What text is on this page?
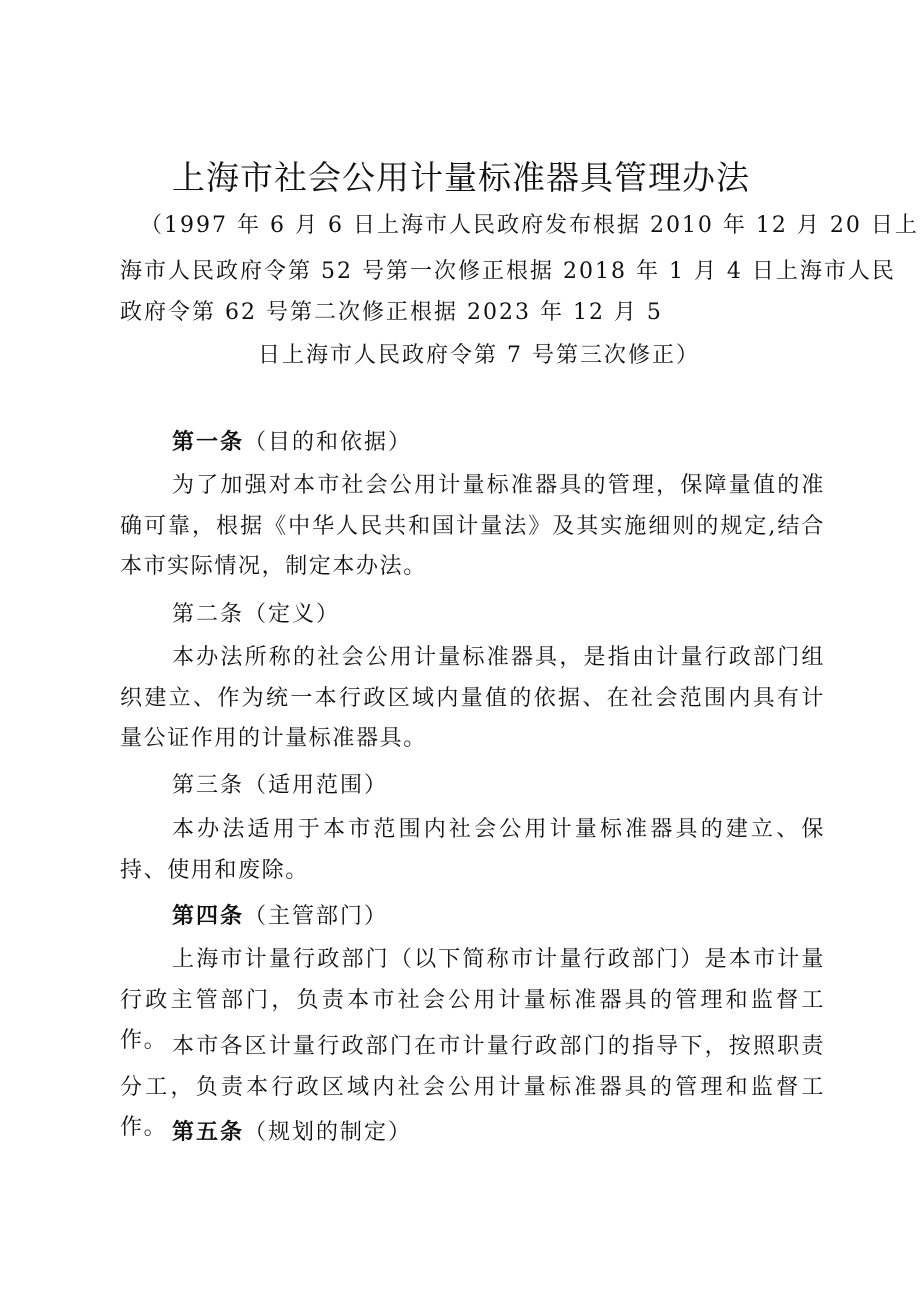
上海市社会公用计量标准器具管理办法
（1997 年 6 月 6 日上海市人民政府发布根据 2010 年 12 月 20 日上
海市人民政府令第 52 号第一次修正根据 2018 年 1 月 4 日上海市人民
政府令第 62 号第二次修正根据 2023 年 12 月 5
日上海市人民政府令第 7 号第三次修正）
第一条（目的和依据）

为了加强对本市社会公用计量标准器具的管理，保障量值的准确可靠，根据《中华人民共和国计量法》及其实施细则的规定,结合本市实际情况，制定本办法。

第二条（定义）

本办法所称的社会公用计量标准器具，是指由计量行政部门组织建立、作为统一本行政区域内量值的依据、在社会范围内具有计量公证作用的计量标准器具。

第三条（适用范围）

本办法适用于本市范围内社会公用计量标准器具的建立、保持、使用和废除。

第四条（主管部门）

上海市计量行政部门（以下简称市计量行政部门）是本市计量行政主管部门，负责本市社会公用计量标准器具的管理和监督工作。 本市各区计量行政部门在市计量行政部门的指导下，按照职责分工，负责本行政区域内社会公用计量标准器具的管理和监督工作。 第五条（规划的制定）
